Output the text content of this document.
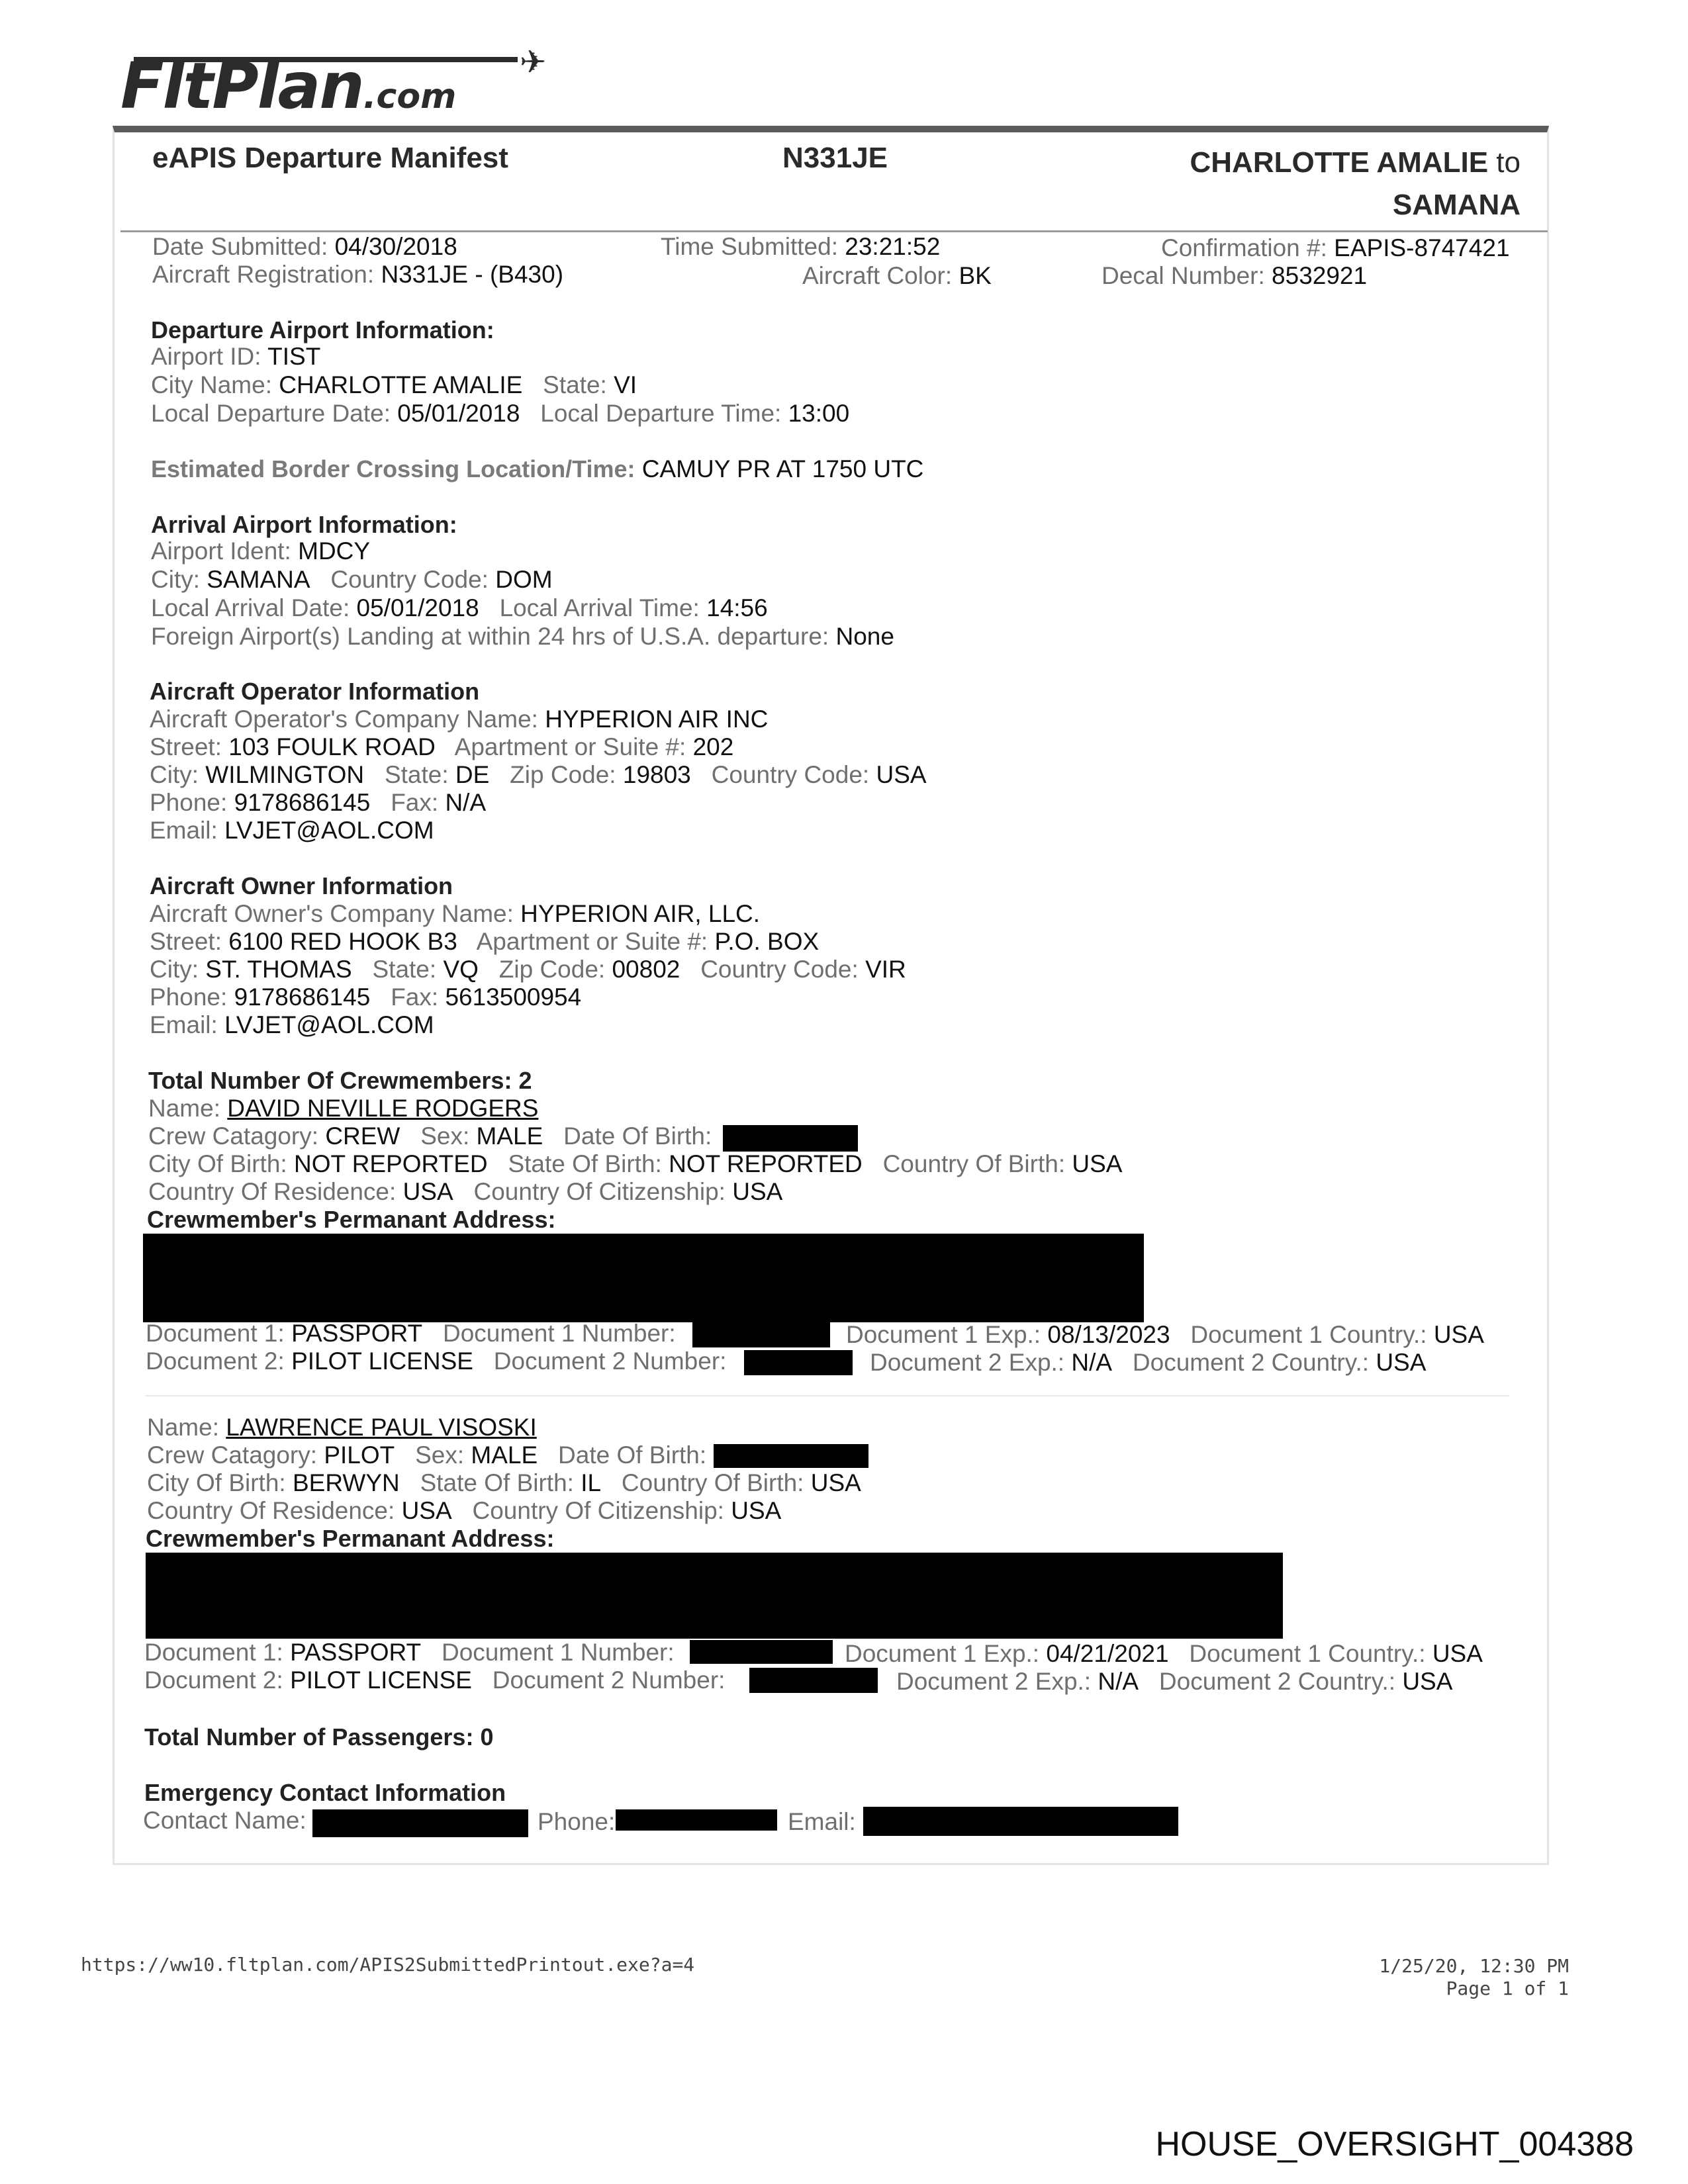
✈
FltPlan.com
eAPIS Departure Manifest	N331JE	CHARLOTTE AMALIE to
SAMANA
Date Submitted: 04/30/2018	Time Submitted: 23:21:52	Confirmation #: EAPIS-8747421
Aircraft Registration: N331JE - (B430)	Aircraft Color: BK	Decal Number: 8532921
Departure Airport Information:
Airport ID: TIST
City Name: CHARLOTTE AMALIE State: VI
Local Departure Date: 05/01/2018 Local Departure Time: 13:00
Estimated Border Crossing Location/Time: CAMUY PR AT 1750 UTC
Arrival Airport Information:
Airport Ident: MDCY
City: SAMANA Country Code: DOM
Local Arrival Date: 05/01/2018 Local Arrival Time: 14:56
Foreign Airport(s) Landing at within 24 hrs of U.S.A. departure: None
Aircraft Operator Information
Aircraft Operator's Company Name: HYPERION AIR INC
Street: 103 FOULK ROAD Apartment or Suite #: 202
City: WILMINGTON State: DE Zip Code: 19803 Country Code: USA
Phone: 9178686145 Fax: N/A
Email: LVJET@AOL.COM
Aircraft Owner Information
Aircraft Owner's Company Name: HYPERION AIR, LLC.
Street: 6100 RED HOOK B3 Apartment or Suite #: P.O. BOX
City: ST. THOMAS State: VQ Zip Code: 00802 Country Code: VIR
Phone: 9178686145 Fax: 5613500954
Email: LVJET@AOL.COM
Total Number Of Crewmembers: 2
Name: DAVID NEVILLE RODGERS
Crew Catagory: CREW Sex: MALE Date Of Birth:
City Of Birth: NOT REPORTED State Of Birth: NOT REPORTED Country Of Birth: USA
Country Of Residence: USA Country Of Citizenship: USA
Crewmember's Permanant Address:
Document 1: PASSPORT Document 1 Number:	Document 1 Exp.: 08/13/2023 Document 1 Country.: USA
Document 2: PILOT LICENSE Document 2 Number:	Document 2 Exp.: N/A Document 2 Country.: USA
Name: LAWRENCE PAUL VISOSKI
Crew Catagory: PILOT Sex: MALE Date Of Birth:
City Of Birth: BERWYN State Of Birth: IL Country Of Birth: USA
Country Of Residence: USA Country Of Citizenship: USA
Crewmember's Permanant Address:
Document 1: PASSPORT Document 1 Number:	Document 1 Exp.: 04/21/2021 Document 1 Country.: USA
Document 2: PILOT LICENSE Document 2 Number:	Document 2 Exp.: N/A Document 2 Country.: USA
Total Number of Passengers: 0
Emergency Contact Information
Contact Name:	Phone:	Email:
https://ww10.fltplan.com/APIS2SubmittedPrintout.exe?a=4	1/25/20, 12:30 PM
Page 1 of 1
HOUSE_OVERSIGHT_004388
